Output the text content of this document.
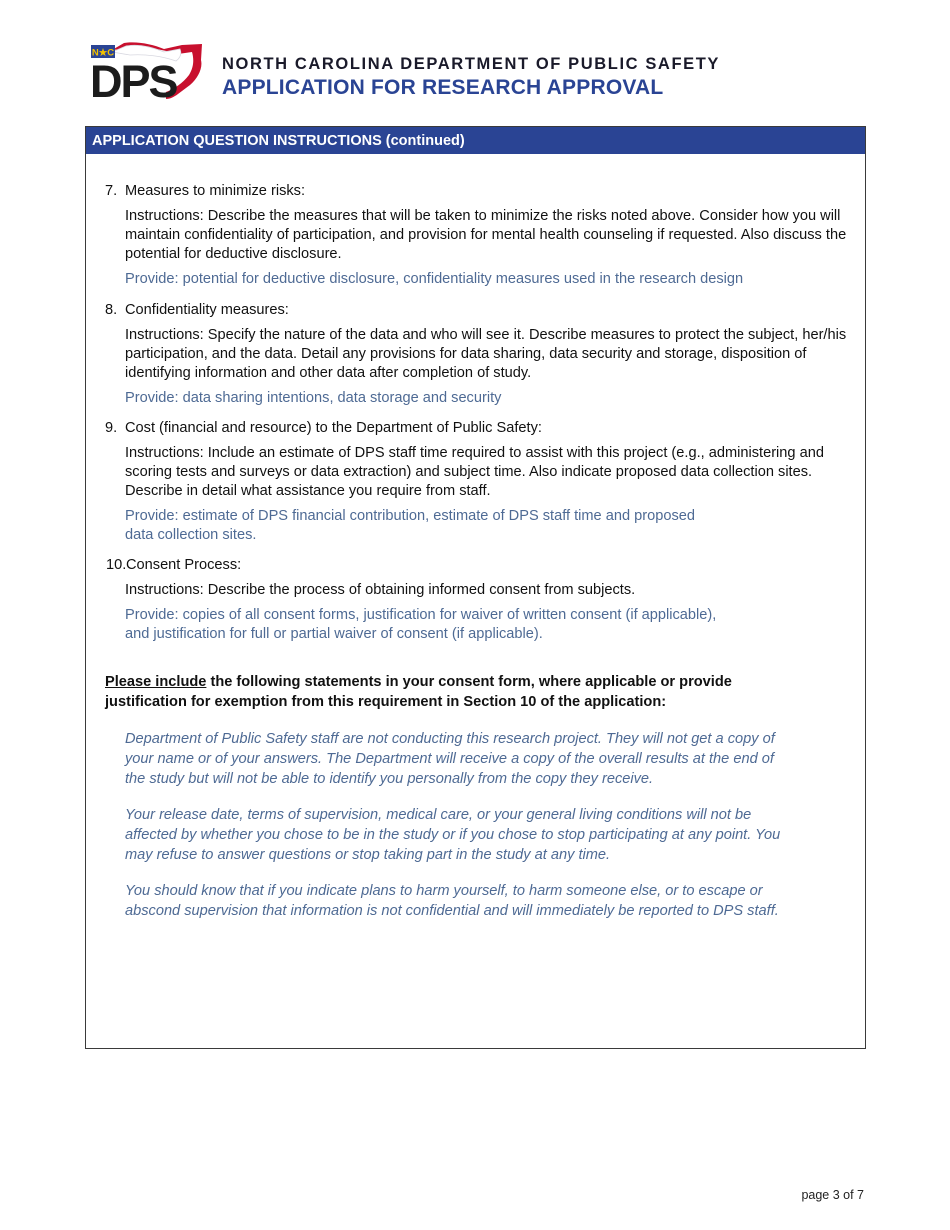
N★C
DPS	NORTH CAROLINA DEPARTMENT OF PUBLIC SAFETY
APPLICATION FOR RESEARCH APPROVAL
APPLICATION QUESTION INSTRUCTIONS (continued)
7. Measures to minimize risks:
Instructions: Describe the measures that will be taken to minimize the risks noted above. Consider how you will maintain confidentiality of participation, and provision for mental health counseling if requested. Also discuss the potential for deductive disclosure.
Provide: potential for deductive disclosure, confidentiality measures used in the research design
8. Confidentiality measures:
Instructions: Specify the nature of the data and who will see it. Describe measures to protect the subject, her/his participation, and the data. Detail any provisions for data sharing, data security and storage, disposition of identifying information and other data after completion of study.
Provide: data sharing intentions, data storage and security
9. Cost (financial and resource) to the Department of Public Safety:
Instructions: Include an estimate of DPS staff time required to assist with this project (e.g., administering and scoring tests and surveys or data extraction) and subject time. Also indicate proposed data collection sites. Describe in detail what assistance you require from staff.
Provide: estimate of DPS financial contribution, estimate of DPS staff time and proposed
data collection sites.
10. Consent Process:
Instructions: Describe the process of obtaining informed consent from subjects.
Provide: copies of all consent forms, justification for waiver of written consent (if applicable),
and justification for full or partial waiver of consent (if applicable).
Please include the following statements in your consent form, where applicable or provide justification for exemption from this requirement in Section 10 of the application:
Department of Public Safety staff are not conducting this research project. They will not get a copy of your name or of your answers. The Department will receive a copy of the overall results at the end of the study but will not be able to identify you personally from the copy they receive.
Your release date, terms of supervision, medical care, or your general living conditions will not be affected by whether you chose to be in the study or if you chose to stop participating at any point. You may refuse to answer questions or stop taking part in the study at any time.
You should know that if you indicate plans to harm yourself, to harm someone else, or to escape or abscond supervision that information is not confidential and will immediately be reported to DPS staff.
page 3 of 7
